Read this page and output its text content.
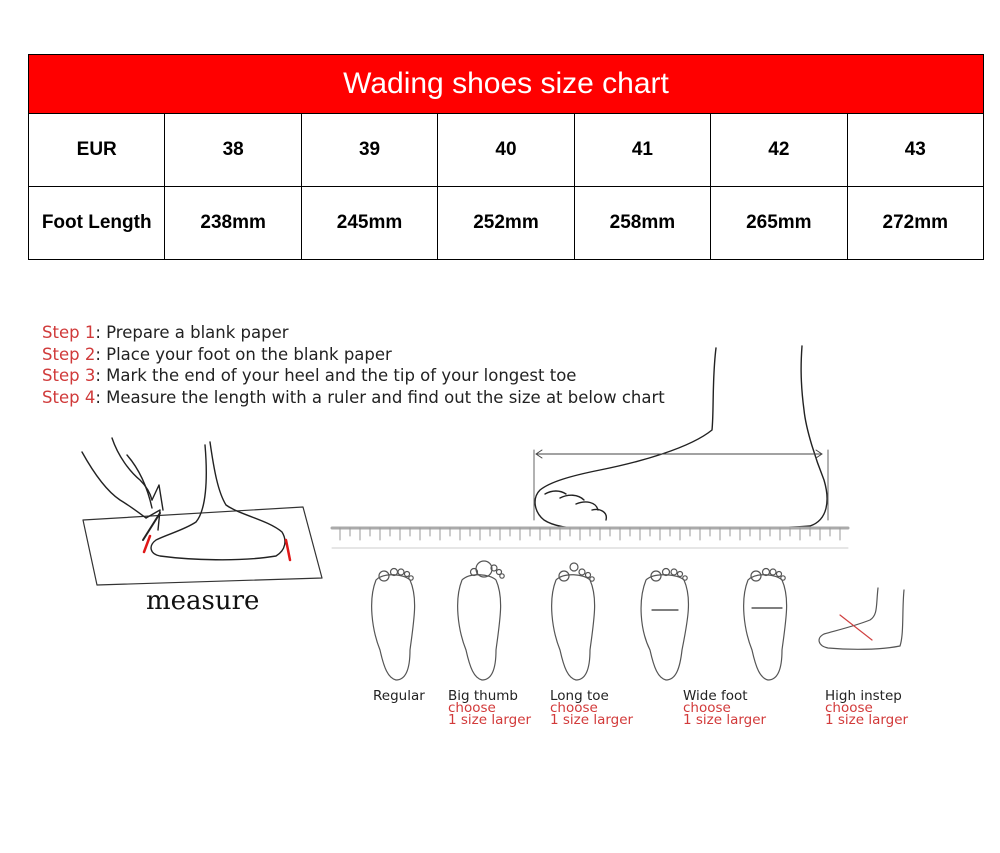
Wading shoes size chart						
EUR	38	39	40	41	42	43
Foot Length	238mm	245mm	252mm	258mm	265mm	272mm
Step 1: Prepare a blank paper
Step 2: Place your foot on the blank paper
Step 3: Mark the end of your heel and the tip of your longest toe
Step 4: Measure the length with a ruler and find out the size at below chart
measure
Regular Big thumb
choose
1 size larger
Long toe
choose
1 size larger
Wide foot
choose
1 size larger
High instep
choose
1 size larger
